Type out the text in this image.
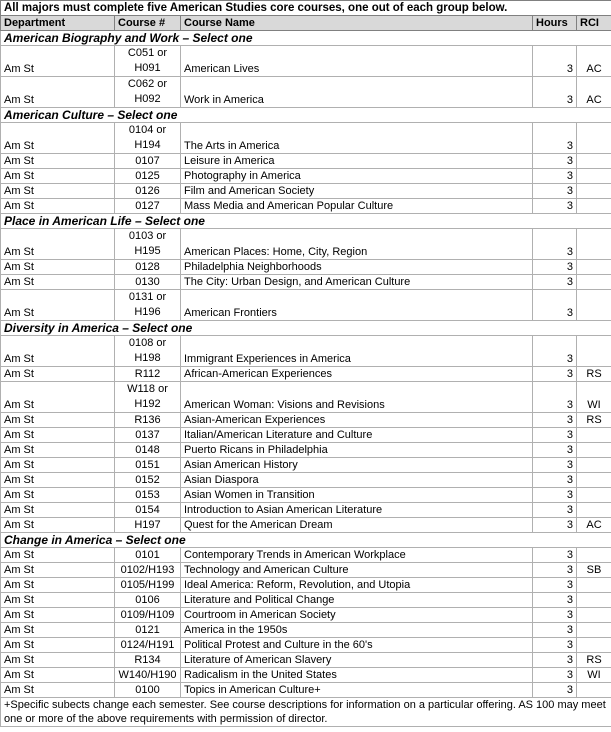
All majors must complete five American Studies core courses, one out of each group below.				
Department	Course #	Course Name	Hours	RCI
American Biography and Work – Select one				
Am St	C051 or H091	American Lives	3	AC
Am St	C062 or H092	Work in America	3	AC
American Culture – Select one				
Am St	0104 or H194	The Arts in America	3	
Am St	0107	Leisure in America	3	
Am St	0125	Photography in America	3	
Am St	0126	Film and American Society	3	
Am St	0127	Mass Media and American Popular Culture	3	
Place in American Life – Select one				
Am St	0103 or H195	American Places: Home, City, Region	3	
Am St	0128	Philadelphia Neighborhoods	3	
Am St	0130	The City: Urban Design, and American Culture	3	
Am St	0131 or H196	American Frontiers	3	
Diversity in America – Select one				
Am St	0108 or H198	Immigrant Experiences in America	3	
Am St	R112	African-American Experiences	3	RS
Am St	W118 or H192	American Woman: Visions and Revisions	3	WI
Am St	R136	Asian-American Experiences	3	RS
Am St	0137	Italian/American Literature and Culture	3	
Am St	0148	Puerto Ricans in Philadelphia	3	
Am St	0151	Asian American History	3	
Am St	0152	Asian Diaspora	3	
Am St	0153	Asian Women in Transition	3	
Am St	0154	Introduction to Asian American Literature	3	
Am St	H197	Quest for the American Dream	3	AC
Change in America – Select one				
Am St	0101	Contemporary Trends in American Workplace	3	
Am St	0102/H193	Technology and American Culture	3	SB
Am St	0105/H199	Ideal America: Reform, Revolution, and Utopia	3	
Am St	0106	Literature and Political Change	3	
Am St	0109/H109	Courtroom in American Society	3	
Am St	0121	America in the 1950s	3	
Am St	0124/H191	Political Protest and Culture in the 60's	3	
Am St	R134	Literature of American Slavery	3	RS
Am St	W140/H190	Radicalism in the United States	3	WI
Am St	0100	Topics in American Culture+	3	
+Specific subects change each semester. See course descriptions for information on a particular offering. AS 100 may meet one or more of the above requirements with permission of director.				
